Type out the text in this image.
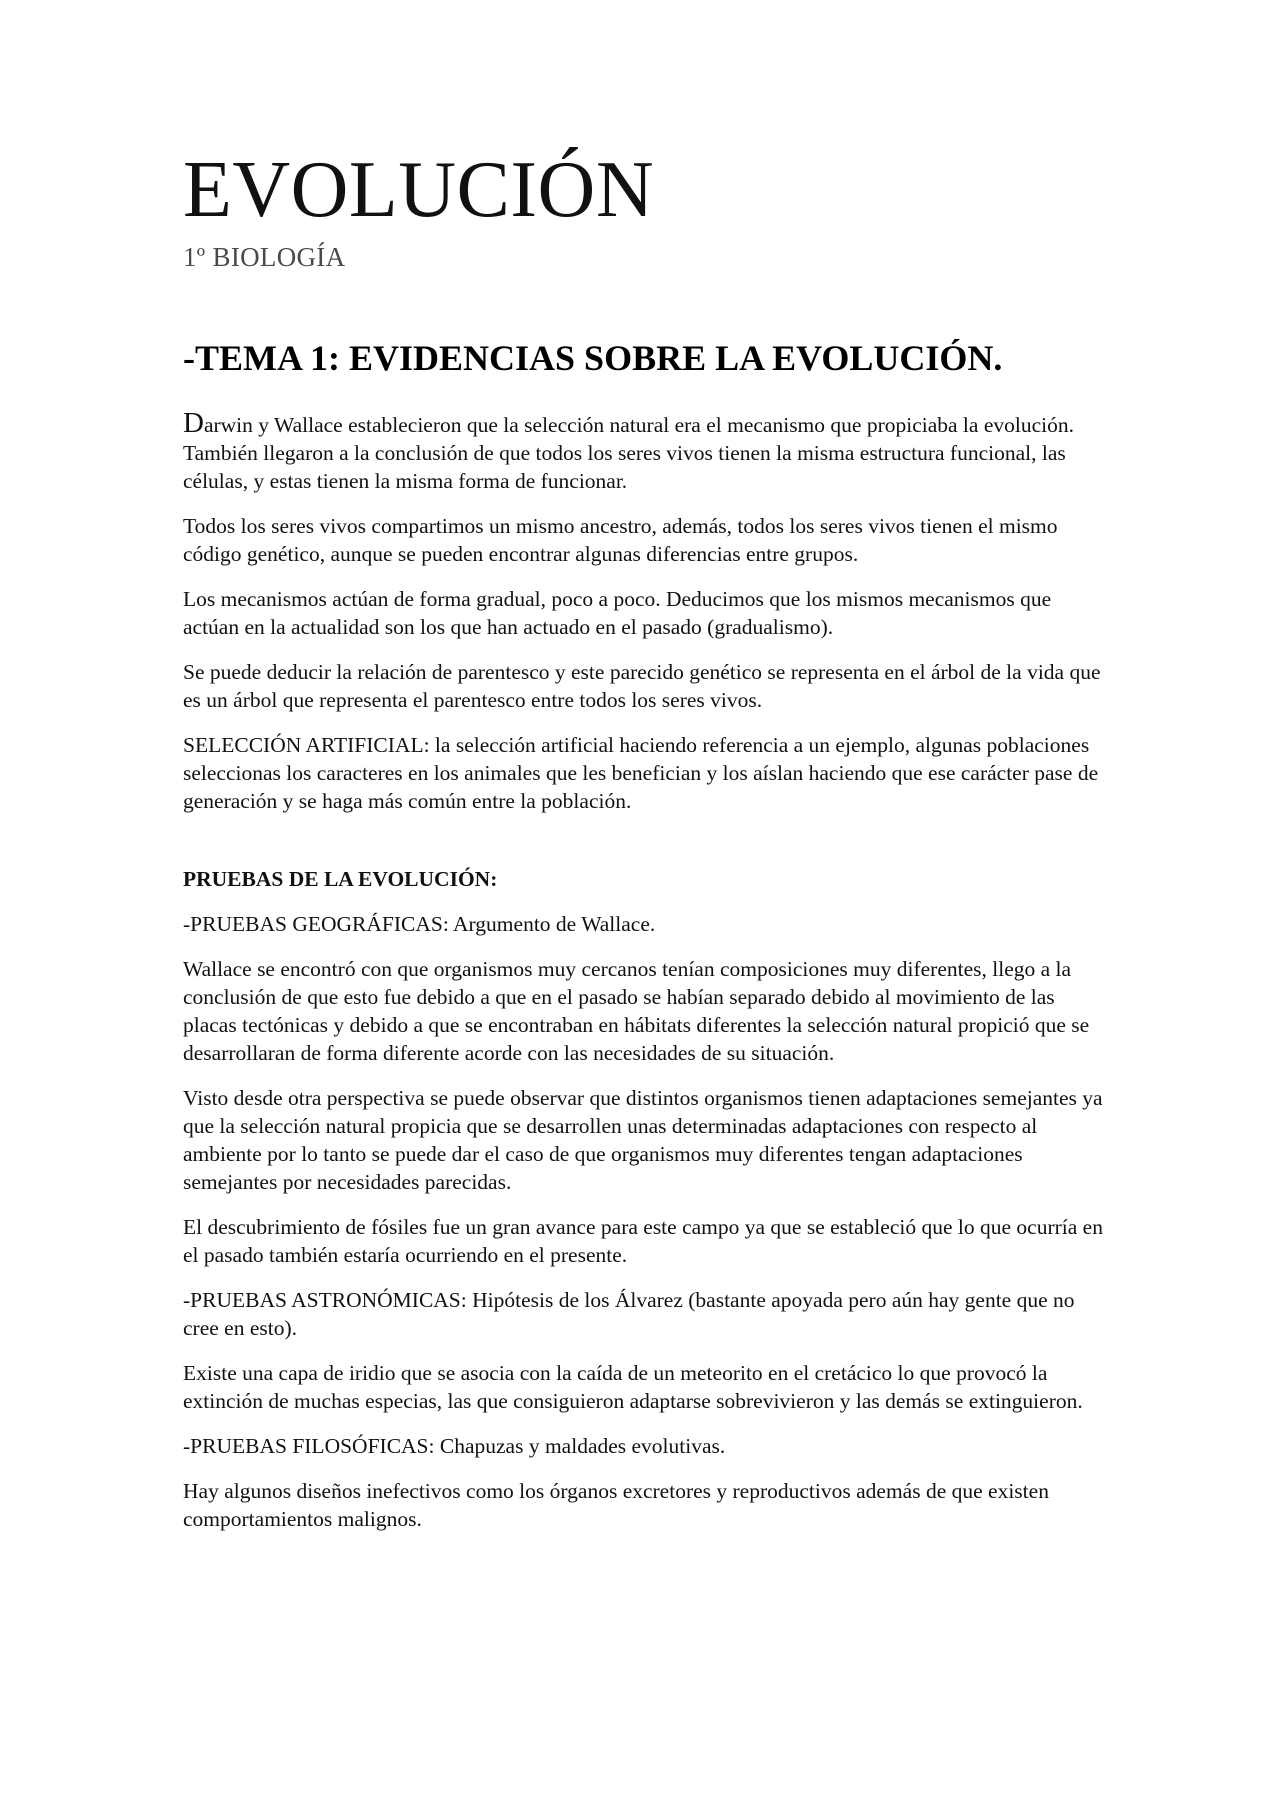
EVOLUCIÓN
1º BIOLOGÍA
-TEMA 1: EVIDENCIAS SOBRE LA EVOLUCIÓN.

Darwin y Wallace establecieron que la selección natural era el mecanismo que propiciaba la evolución. También llegaron a la conclusión de que todos los seres vivos tienen la misma estructura funcional, las células, y estas tienen la misma forma de funcionar.

Todos los seres vivos compartimos un mismo ancestro, además, todos los seres vivos tienen el mismo código genético, aunque se pueden encontrar algunas diferencias entre grupos.

Los mecanismos actúan de forma gradual, poco a poco. Deducimos que los mismos mecanismos que actúan en la actualidad son los que han actuado en el pasado (gradualismo).

Se puede deducir la relación de parentesco y este parecido genético se representa en el árbol de la vida que es un árbol que representa el parentesco entre todos los seres vivos.

SELECCIÓN ARTIFICIAL: la selección artificial haciendo referencia a un ejemplo, algunas poblaciones seleccionas los caracteres en los animales que les benefician y los aíslan haciendo que ese carácter pase de generación y se haga más común entre la población.

PRUEBAS DE LA EVOLUCIÓN:

-PRUEBAS GEOGRÁFICAS: Argumento de Wallace.

Wallace se encontró con que organismos muy cercanos tenían composiciones muy diferentes, llego a la conclusión de que esto fue debido a que en el pasado se habían separado debido al movimiento de las placas tectónicas y debido a que se encontraban en hábitats diferentes la selección natural propició que se desarrollaran de forma diferente acorde con las necesidades de su situación.

Visto desde otra perspectiva se puede observar que distintos organismos tienen adaptaciones semejantes ya que la selección natural propicia que se desarrollen unas determinadas adaptaciones con respecto al ambiente por lo tanto se puede dar el caso de que organismos muy diferentes tengan adaptaciones semejantes por necesidades parecidas.

El descubrimiento de fósiles fue un gran avance para este campo ya que se estableció que lo que ocurría en el pasado también estaría ocurriendo en el presente.

-PRUEBAS ASTRONÓMICAS: Hipótesis de los Álvarez (bastante apoyada pero aún hay gente que no cree en esto).

Existe una capa de iridio que se asocia con la caída de un meteorito en el cretácico lo que provocó la extinción de muchas especias, las que consiguieron adaptarse sobrevivieron y las demás se extinguieron.

-PRUEBAS FILOSÓFICAS: Chapuzas y maldades evolutivas.

Hay algunos diseños inefectivos como los órganos excretores y reproductivos además de que existen comportamientos malignos.
